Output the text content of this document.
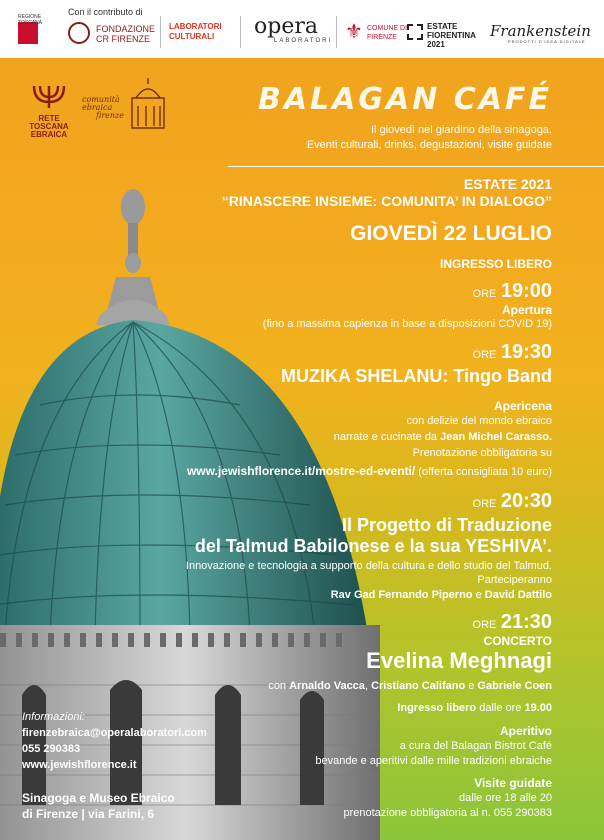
REGIONE TOSCANA
Con il contributo di
FONDAZIONE
CR FIRENZE
LABORATORI
CULTURALI	opera
LABORATORI ⚜ COMUNE DI
FIRENZE
ESTATE
FIORENTINA
2021
Frankenstein
PRODOTTI D'IDEA DIGITALE
RETE
TOSCANA
EBRAICA
comunità
ebraica
firenze	BALAGAN CAFÉ
Il giovedì nel giardino della sinagoga.
Eventi culturali, drinks, degustazioni, visite guidate
ESTATE 2021
“RINASCERE INSIEME: COMUNITA’ IN DIALOGO”
GIOVEDÌ 22 LUGLIO
INGRESSO LIBERO
ORE 19:00
Apertura
(fino a massima capienza in base a disposizioni COVID 19)
ORE 19:30
MUZIKA SHELANU: Tingo Band
Apericena
con delizie del mondo ebraico
narrate e cucinate da Jean Michel Carasso.
Prenotazione obbligatoria su
www.jewishflorence.it/mostre-ed-eventi/ (offerta consigliata 10 euro)
ORE 20:30
Il Progetto di Traduzione
del Talmud Babilonese e la sua YESHIVA’.
Innovazione e tecnologia a supporto della cultura e dello studio del Talmud.
Parteciperanno
Rav Gad Fernando Piperno e David Dattilo
ORE 21:30
CONCERTO
Evelina Meghnagi
con Arnaldo Vacca, Cristiano Califano e Gabriele Coen
Ingresso libero dalle ore 19.00
Aperitivo
a cura del Balagan Bistrot Café
bevande e aperitivi dalle mille tradizioni ebraiche
Visite guidate
dalle ore 18 alle 20
prenotazione obbligatoria al n. 055 290383
Informazioni:
firenzebraica@operalaboratori.com
055 290383
www.jewishflorence.it
Sinagoga e Museo Ebraico
di Firenze | via Farini, 6
